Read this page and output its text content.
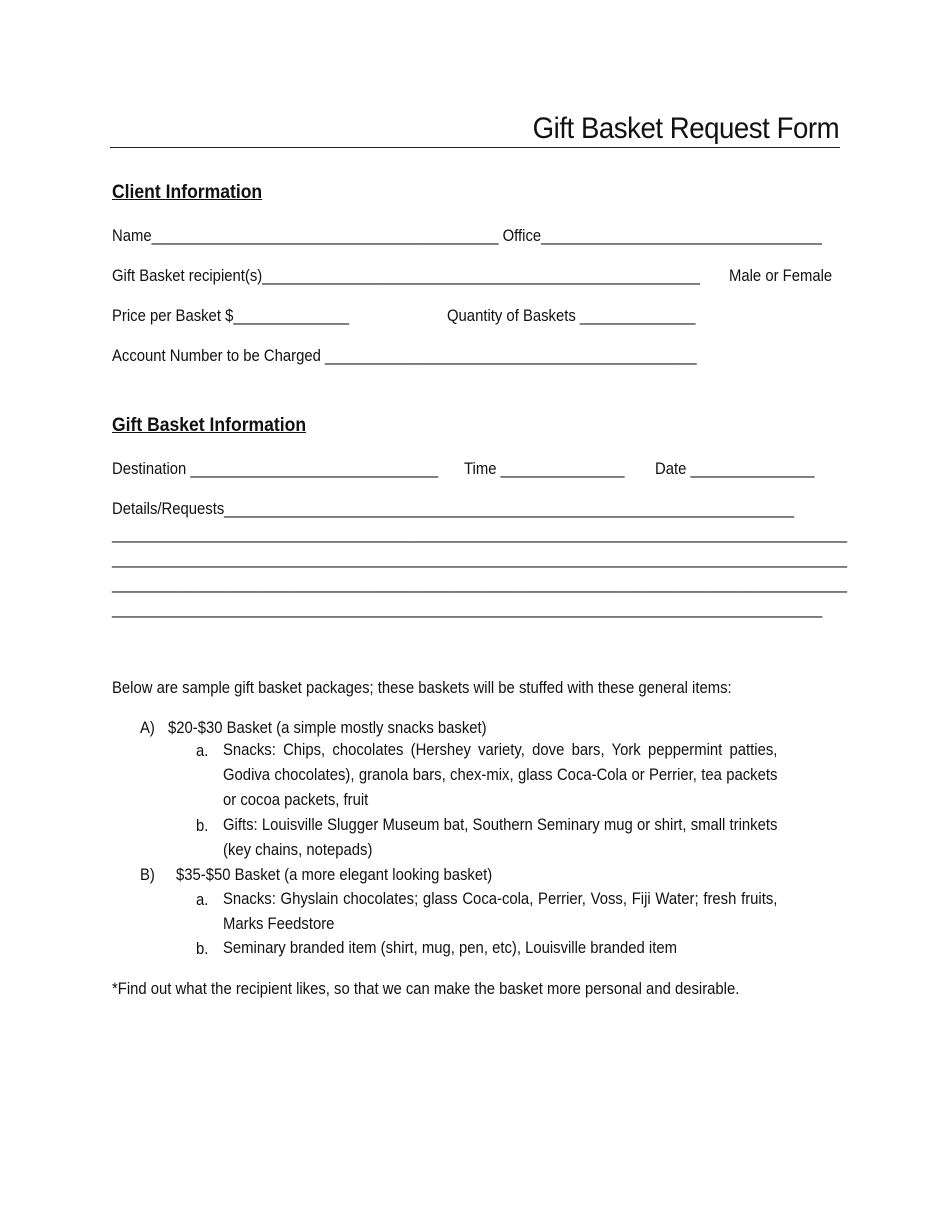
Gift Basket Request Form
Client Information
Name__________________________________________ Office__________________________________
Gift Basket recipient(s)_____________________________________________________ Male or Female
Price per Basket $______________	Quantity of Baskets ______________
Account Number to be Charged _____________________________________________
Gift Basket Information
Destination ______________________________ Time _______________ Date _______________
Details/Requests_____________________________________________________________________
_________________________________________________________________________________________
_________________________________________________________________________________________
_________________________________________________________________________________________
______________________________________________________________________________________
Below are sample gift basket packages; these baskets will be stuffed with these general items:
A) $20-$30 Basket (a simple mostly snacks basket)
a. Snacks: Chips, chocolates (Hershey variety, dove bars, York peppermint patties, Godiva chocolates), granola bars, chex-mix, glass Coca-Cola or Perrier, tea packets or cocoa packets, fruit
b. Gifts: Louisville Slugger Museum bat, Southern Seminary mug or shirt, small trinkets (key chains, notepads)
B) $35-$50 Basket (a more elegant looking basket)
a. Snacks: Ghyslain chocolates; glass Coca-cola, Perrier, Voss, Fiji Water; fresh fruits, Marks Feedstore
b. Seminary branded item (shirt, mug, pen, etc), Louisville branded item
*Find out what the recipient likes, so that we can make the basket more personal and desirable.
